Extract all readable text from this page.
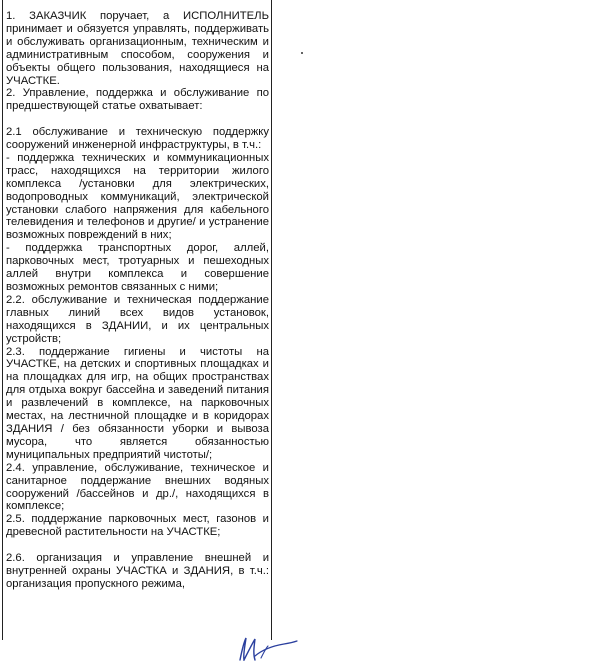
1. ЗАКАЗЧИК поручает, а ИСПОЛНИТЕЛЬ принимает и обязуется управлять, поддерживать и обслуживать организационным, техническим и административным способом, сооружения и объекты общего пользования, находящиеся на УЧАСТКЕ.

2. Управление, поддержка и обслуживание по предшествующей статье охватывает:

2.1 обслуживание и техническую поддержку сооружений инженерной инфраструктуры, в т.ч.:

- поддержка технических и коммуникационных трасс, находящихся на территории жилого комплекса /установки для электрических, водопроводных коммуникаций, электрической установки слабого напряжения для кабельного телевидения и телефонов и другие/ и устранение возможных повреждений в них;

- поддержка транспортных дорог, аллей, парковочных мест, тротуарных и пешеходных аллей внутри комплекса и совершение возможных ремонтов связанных с ними;

2.2. обслуживание и техническая поддержание главных линий всех видов установок, находящихся в ЗДАНИИ, и их центральных устройств;

2.3. поддержание гигиены и чистоты на УЧАСТКЕ, на детских и спортивных площадках и на площадках для игр, на общих пространствах для отдыха вокруг бассейна и заведений питания и развлечений в комплексе, на парковочных местах, на лестничной площадке и в коридорах ЗДАНИЯ / без обязанности уборки и вывоза мусора, что является обязанностью муниципальных предприятий чистоты/;

2.4. управление, обслуживание, техническое и санитарное поддержание внешних водяных сооружений /бассейнов и др./, находящихся в комплексе;

2.5. поддержание парковочных мест, газонов и древесной растительности на УЧАСТКЕ;

2.6. организация и управление внешней и внутренней охраны УЧАСТКА и ЗДАНИЯ, в т.ч.: организация пропускного режима,
